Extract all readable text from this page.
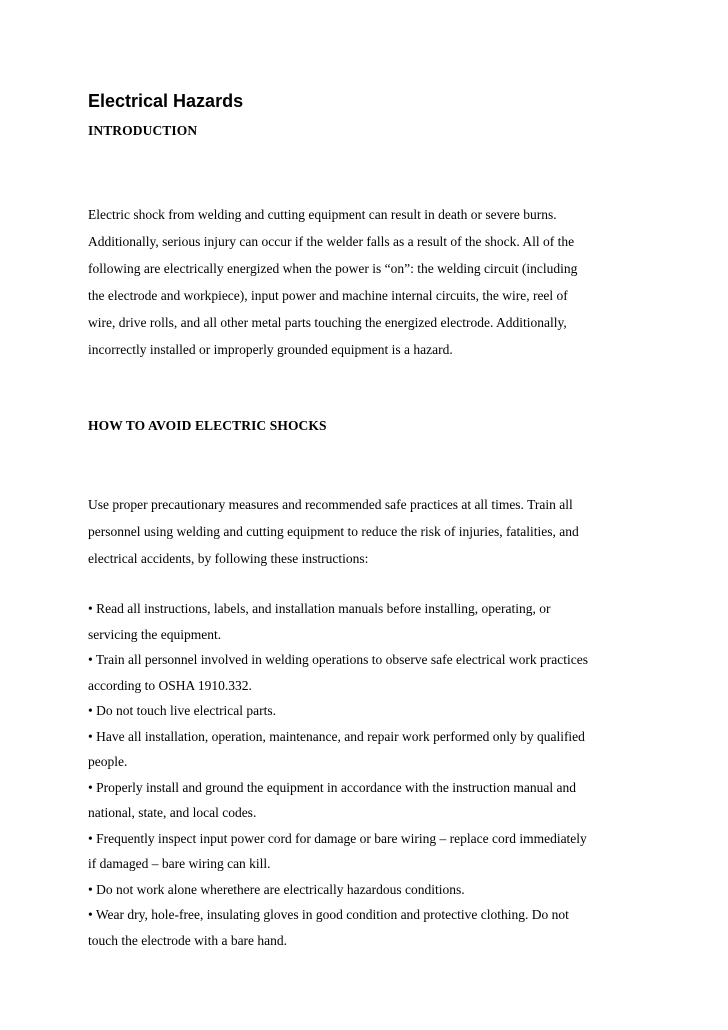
Electrical Hazards
INTRODUCTION

Electric shock from welding and cutting equipment can result in death or severe burns.
Additionally, serious injury can occur if the welder falls as a result of the shock. All of the
following are electrically energized when the power is “on”: the welding circuit (including
the electrode and workpiece), input power and machine internal circuits, the wire, reel of
wire, drive rolls, and all other metal parts touching the energized electrode. Additionally,
incorrectly installed or improperly grounded equipment is a hazard.

HOW TO AVOID ELECTRIC SHOCKS

Use proper precautionary measures and recommended safe practices at all times. Train all
personnel using welding and cutting equipment to reduce the risk of injuries, fatalities, and
electrical accidents, by following these instructions:

• Read all instructions, labels, and installation manuals before installing, operating, or
servicing the equipment.

• Train all personnel involved in welding operations to observe safe electrical work practices
according to OSHA 1910.332.

• Do not touch live electrical parts.

• Have all installation, operation, maintenance, and repair work performed only by qualified
people.

• Properly install and ground the equipment in accordance with the instruction manual and
national, state, and local codes.

• Frequently inspect input power cord for damage or bare wiring – replace cord immediately
if damaged – bare wiring can kill.

• Do not work alone wherethere are electrically hazardous conditions.

• Wear dry, hole-free, insulating gloves in good condition and protective clothing. Do not
touch the electrode with a bare hand.
